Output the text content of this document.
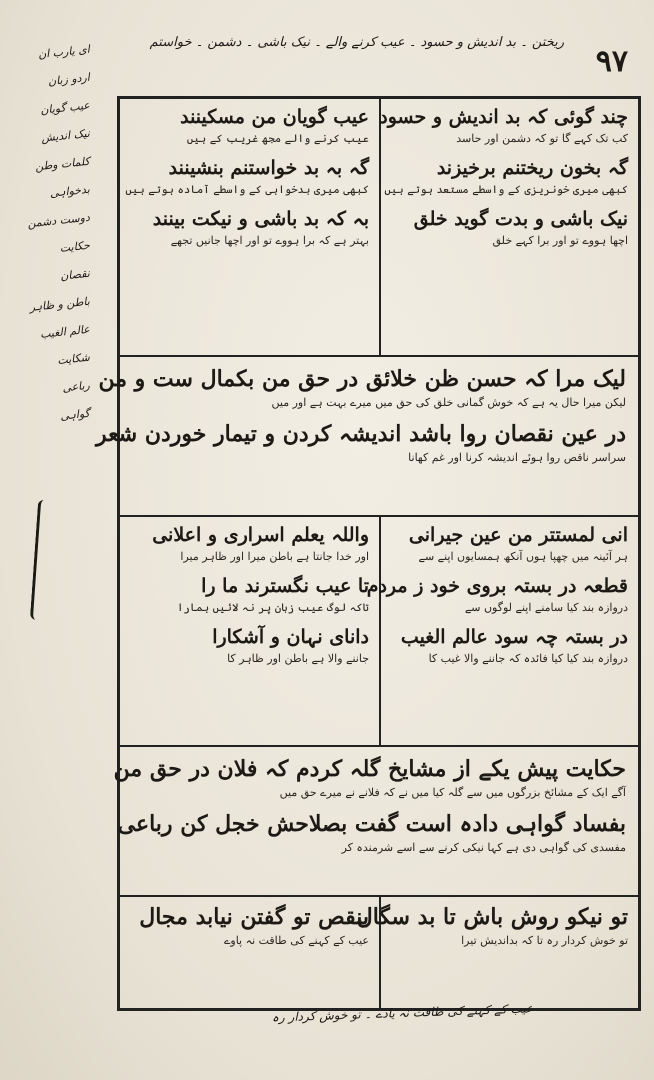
۹۷
ریختن ۔ بد اندیش و حسود ۔ عیب کرنے والے ۔ نیک باشی ۔ دشمن ۔ خواستم
ای یارب ان
اردو زبان
عیب گویان
نیک اندیش
کلمات وطن
بدخواہی
دوست دشمن
حکایت
نقصان
باطن و ظاہر
عالم الغیب
شکایت
رباعی
گواہی
چند گوئی کہ بد اندیش و حسود
کب تک کہے گا تو کہ دشمن اور حاسد
گہ بخون ریختنم برخیزند
کبھی میری خونریزی کے واسطے مستعد ہوتے ہیں
نیک باشی و بدت گوید خلق
اچھا ہووے تو اور برا کہے خلق
عیب گویان من مسکینند
عیب کرنے والے مجھ غریب کے ہیں
گہ بہ بد خواستنم بنشینند
کبھی میری بدخواہی کے واسطے آمادہ ہوتے ہیں
بہ کہ بد باشی و نیکت بینند
بہتر ہے کہ برا ہووے تو اور اچھا جانیں تجھے
لیک مرا کہ حسن ظن خلائق در حق من بکمال ست و من
لیکن میرا حال یہ ہے کہ خوش گمانی خلق کی حق میں میرے بہت ہے اور میں
در عین نقصان روا باشد اندیشہ کردن و تیمار خوردن شعر
سراسر ناقص روا ہوئے اندیشہ کرنا اور غم کھانا
انی لمستتر من عین جیرانی
ہر آئینہ میں چھپا ہوں آنکھ ہمسایوں اپنے سے
قطعہ در بستہ بروی خود ز مردم
دروازہ بند کیا سامنے اپنے لوگوں سے
در بستہ چہ سود عالم الغیب
دروازہ بند کیا کیا فائدہ کہ جاننے والا غیب کا
واللہ یعلم اسراری و اعلانی
اور خدا جانتا ہے باطن میرا اور ظاہر میرا
تا عیب نگسترند ما را
تاکہ لوگ عیب زبان پر نہ لائیں ہمارا
دانای نہان و آشکارا
جاننے والا ہے باطن اور ظاہر کا
حکایت پیش یکے از مشایخ گلہ کردم کہ فلان در حق من
آگے ایک کے مشائخ بزرگوں میں سے گلہ کیا میں نے کہ فلانے نے میرے حق میں
بفساد گواہی دادہ است گفت بصلاحش خجل کن رباعی
مفسدی کی گواہی دی ہے کہا نیکی کرنے سے اسے شرمندہ کر
تو نیکو روش باش تا بد سگال
تو خوش کردار رہ تا کہ بداندیش تیرا
بنقص تو گفتن نیابد مجال
عیب کے کہنے کی طاقت نہ پاوے
عیب کے کہنے کی طاقت نہ یادے ۔ تو خوش کردار رہ
